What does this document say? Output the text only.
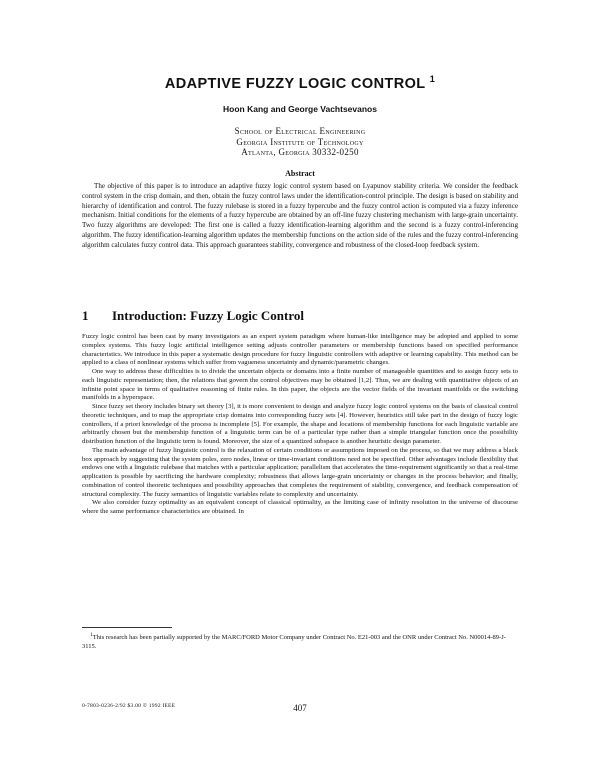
ADAPTIVE FUZZY LOGIC CONTROL $^1$
Hoon Kang and George Vachtsevanos
School of Electrical Engineering
Georgia Institute of Technology
Atlanta, Georgia 30332-0250
Abstract

The objective of this paper is to introduce an adaptive fuzzy logic control system based on Lyapunov stability criteria. We consider the feedback control system in the crisp domain, and then, obtain the fuzzy control laws under the identification-control principle. The design is based on stability and hierarchy of identification and control. The fuzzy rulebase is stored in a fuzzy hypercube and the fuzzy control action is computed via a fuzzy inference mechanism. Initial conditions for the elements of a fuzzy hypercube are obtained by an off-line fuzzy clustering mechanism with large-grain uncertainty. Two fuzzy algorithms are developed: The first one is called a fuzzy identification-learning algorithm and the second is a fuzzy control-inferencing algorithm. The fuzzy identification-learning algorithm updates the membership functions on the action side of the rules and the fuzzy control-inferencing algorithm calculates fuzzy control data. This approach guarantees stability, convergence and robustness of the closed-loop feedback system.

1 Introduction: Fuzzy Logic Control

Fuzzy logic control has been cast by many investigators as an expert system paradigm where human-like intelligence may be adopted and applied to some complex systems. This fuzzy logic artificial intelligence setting adjusts controller parameters or membership functions based on specified performance characteristics. We introduce in this paper a systematic design procedure for fuzzy linguistic controllers with adaptive or learning capability. This method can be applied to a class of nonlinear systems which suffer from vagueness uncertainty and dynamic/parametric changes.

One way to address these difficulties is to divide the uncertain objects or domains into a finite number of manageable quantities and to assign fuzzy sets to each linguistic representation; then, the relations that govern the control objectives may be obtained [1,2]. Thus, we are dealing with quantitative objects of an infinite point space in terms of qualitative reasoning of finite rules. In this paper, the objects are the vector fields of the invariant manifolds or the switching manifolds in a hyperspace.

Since fuzzy set theory includes binary set theory [3], it is more convenient to design and analyze fuzzy logic control systems on the basis of classical control theoretic techniques, and to map the appropriate crisp domains into corresponding fuzzy sets [4]. However, heuristics still take part in the design of fuzzy logic controllers, if a priori knowledge of the process is incomplete [5]. For example, the shape and locations of membership functions for each linguistic variable are arbitrarily chosen but the membership function of a linguistic term can be of a particular type rather than a simple triangular function once the possibility distribution function of the linguistic term is found. Moreover, the size of a quantized subspace is another heuristic design parameter.

The main advantage of fuzzy linguistic control is the relaxation of certain conditions or assumptions imposed on the process, so that we may address a black box approach by suggesting that the system poles, zero nodes, linear or time-invariant conditions need not be specified. Other advantages include flexibility that endows one with a linguistic rulebase that matches with a particular application; parallelism that accelerates the time-requirement significantly so that a real-time application is possible by sacrificing the hardware complexity; robustness that allows large-grain uncertainty or changes in the process behavior; and finally, combination of control theoretic techniques and possibility approaches that completes the requirement of stability, convergence, and feedback compensation of structural complexity. The fuzzy semantics of linguistic variables relate to complexity and uncertainty.

We also consider fuzzy optimality as an equivalent concept of classical optimality, as the limiting case of infinity resolution in the universe of discourse where the same performance characteristics are obtained. In

$^1$This research has been partially supported by the MARC/FORD Motor Company under Contract No. E21-003 and the ONR under Contract No. N00014-89-J-3115.

0-7803-0236-2/92 $3.00 © 1992 IEEE	407
